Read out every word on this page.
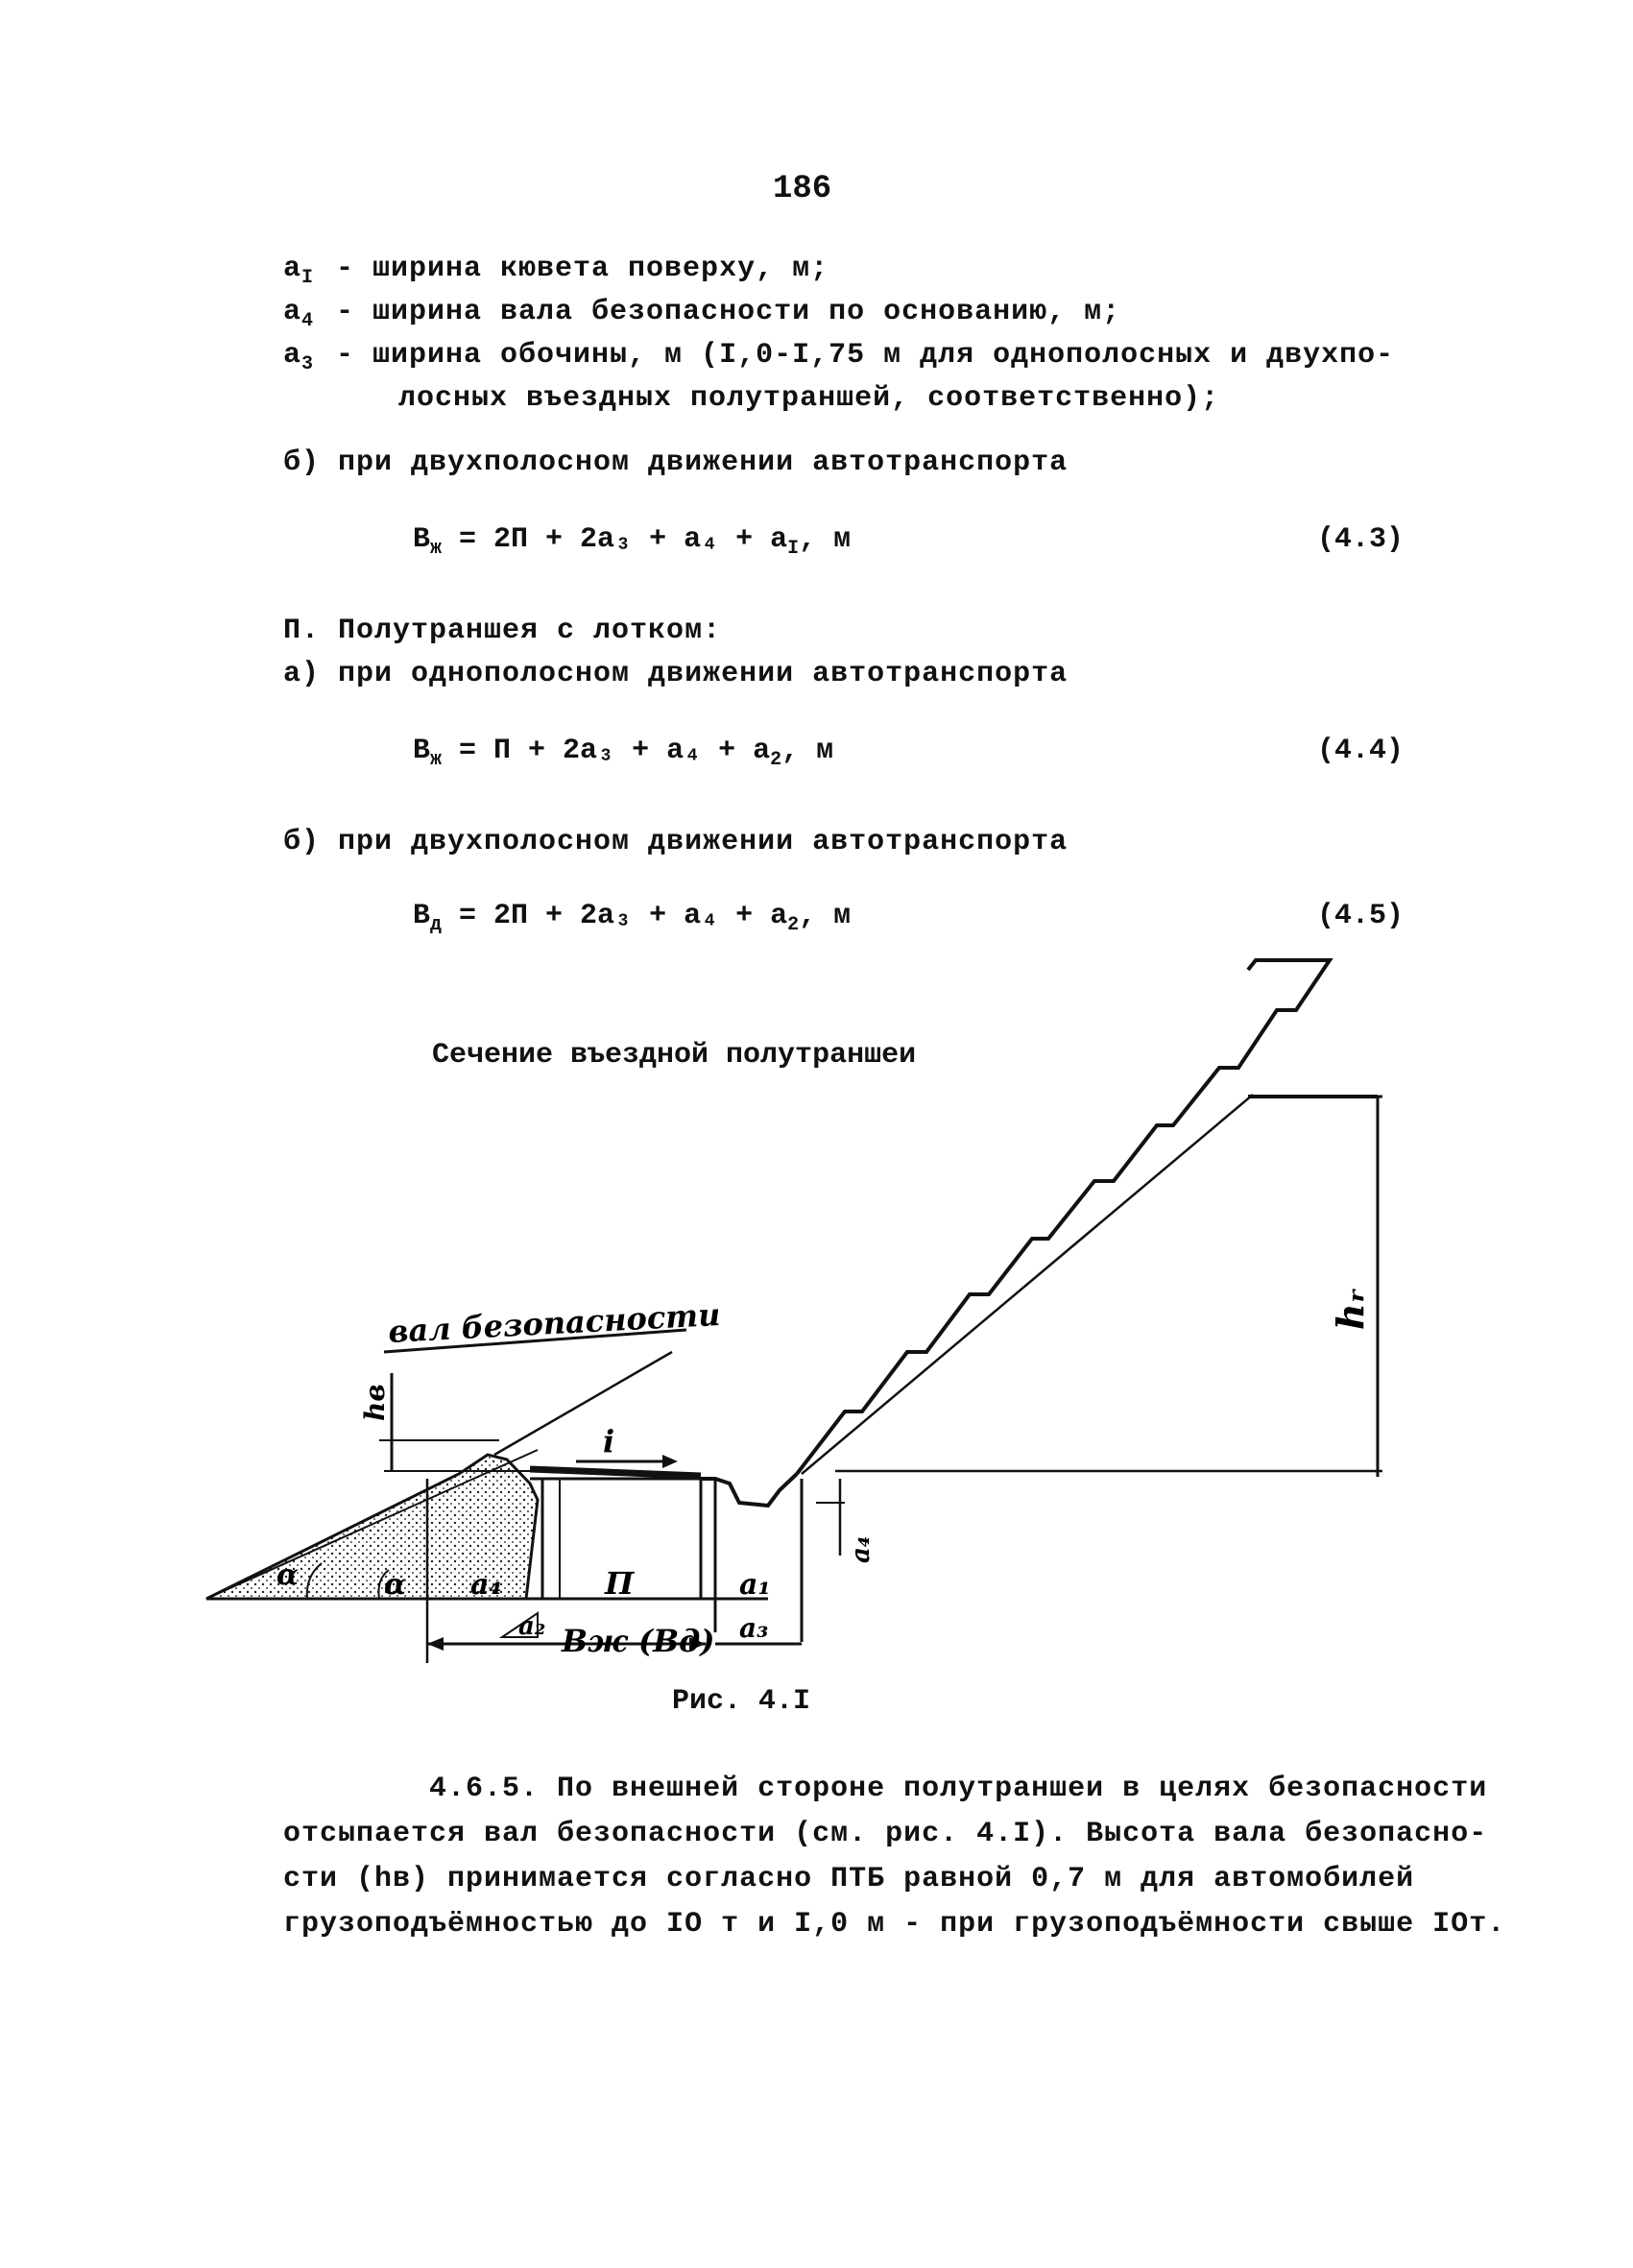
186
$a_I$ - ширина кювета поверху, м;
$a_4$ - ширина вала безопасности по основанию, м;
$a_3$ - ширина обочины, м (I,0-I,75 м для однополосных и двухпо-
лосных въездных полутраншей, соответственно);
б) при двухполосном движении автотранспорта
$B_ж = 2П + 2a_3 + a_4 + a_I$, м	(4.3)
П. Полутраншея с лотком:
а) при однополосном движении автотранспорта
$B_ж = П + 2a_3 + a_4 + a_2$, м	(4.4)
б) при двухполосном движении автотранспорта
$B_д = 2П + 2a_3 + a_4 + a_2$, м	(4.5)
Сечение въездной полутраншеи
hᵣ
вал безопасности
hв
i
a₄
α	α a₄	П	a₁
a₂ Bж (Bд) a₃
Рис. 4.I
4.6.5. По внешней стороне полутраншеи в целях безопасности
отсыпается вал безопасности (см. рис. 4.I). Высота вала безопасно-
сти (hв) принимается согласно ПТБ равной 0,7 м для автомобилей
грузоподъёмностью до IO т и I,0 м - при грузоподъёмности свыше IOт.
